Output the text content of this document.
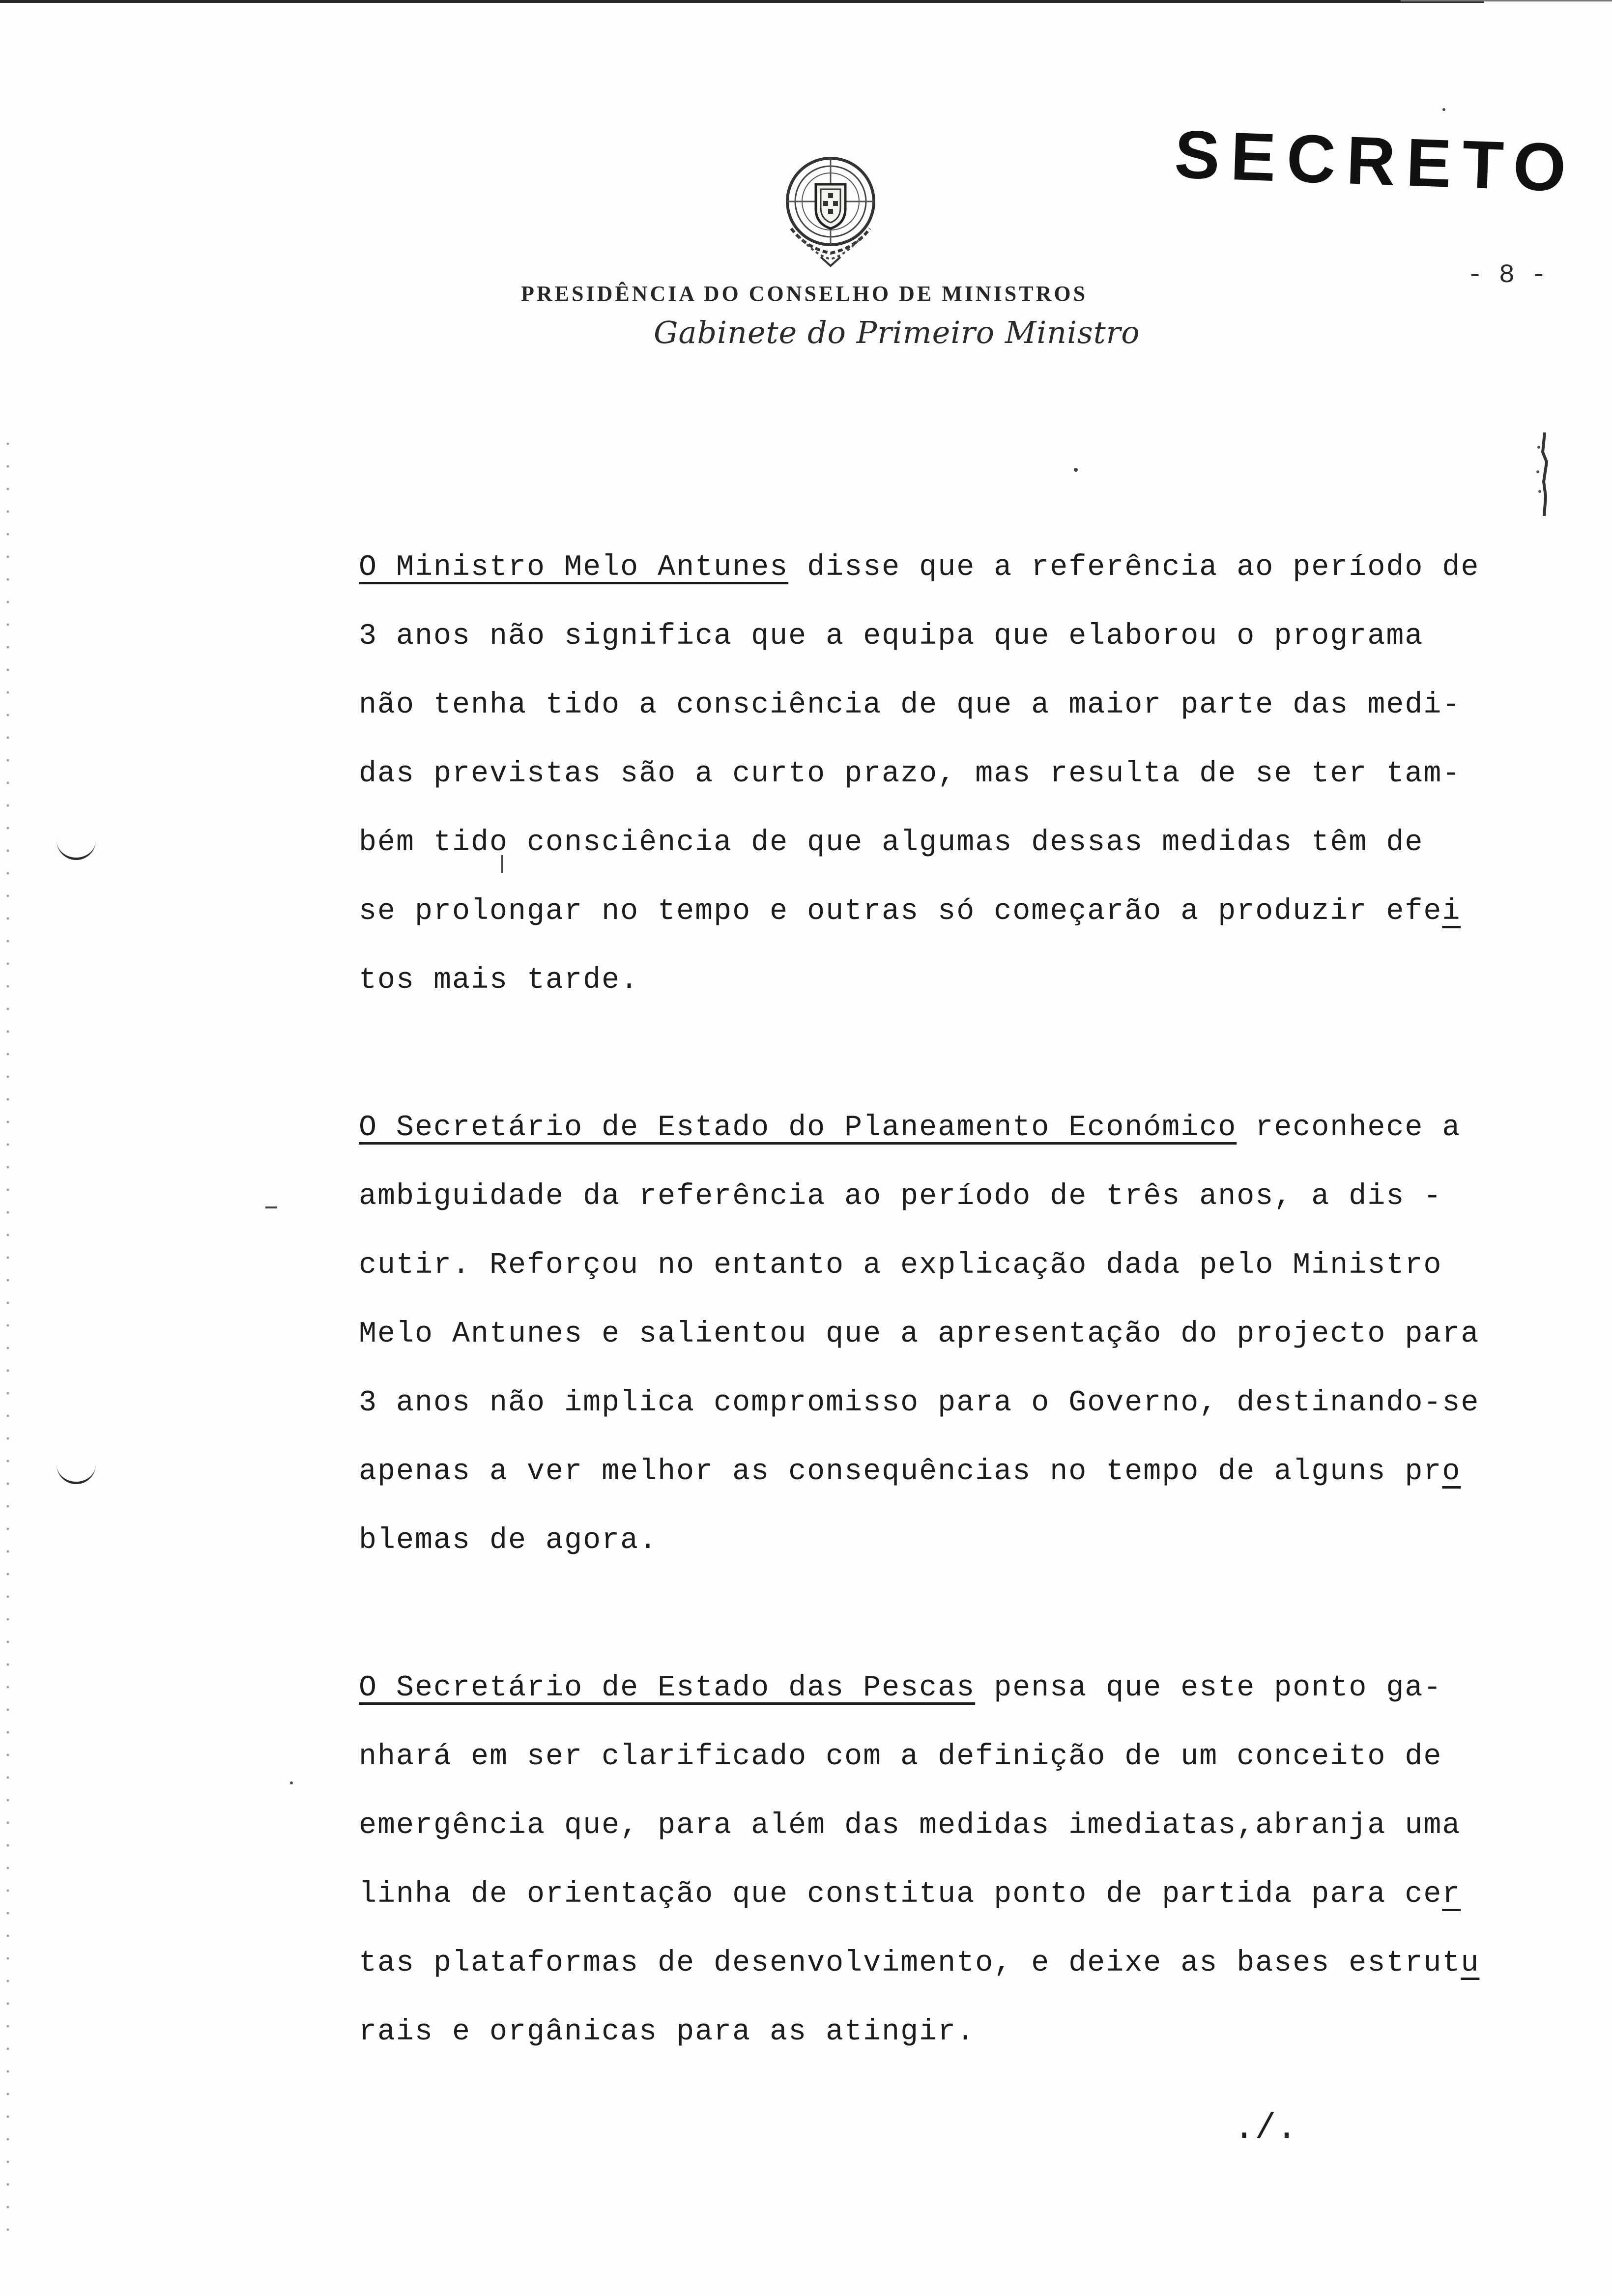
PRESIDÊNCIA DO CONSELHO DE MINISTROS
Gabinete do Primeiro Ministro
SECRETO
- 8 -
O Ministro Melo Antunes disse que a referência ao período de
3 anos não significa que a equipa que elaborou o programa
não tenha tido a consciência de que a maior parte das medi-
das previstas são a curto prazo, mas resulta de se ter tam-
bém tido consciência de que algumas dessas medidas têm de
se prolongar no tempo e outras só começarão a produzir efei
tos mais tarde.
O Secretário de Estado do Planeamento Económico reconhece a
ambiguidade da referência ao período de três anos, a dis -
cutir. Reforçou no entanto a explicação dada pelo Ministro
Melo Antunes e salientou que a apresentação do projecto para
3 anos não implica compromisso para o Governo, destinando-se
apenas a ver melhor as consequências no tempo de alguns pro
blemas de agora.
O Secretário de Estado das Pescas pensa que este ponto ga-
nhará em ser clarificado com a definição de um conceito de
emergência que, para além das medidas imediatas,abranja uma
linha de orientação que constitua ponto de partida para cer
tas plataformas de desenvolvimento, e deixe as bases estrutu
rais e orgânicas para as atingir.
./.
